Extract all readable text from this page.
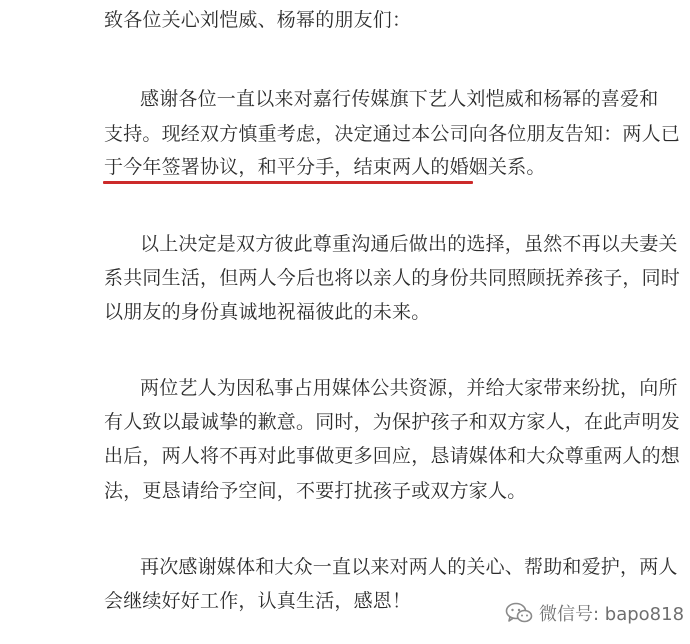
致各位关心刘恺威、杨幂的朋友们：
感谢各位一直以来对嘉行传媒旗下艺人刘恺威和杨幂的喜爱和
支持。现经双方慎重考虑，决定通过本公司向各位朋友告知：两人已
于今年签署协议，和平分手，结束两人的婚姻关系。
以上决定是双方彼此尊重沟通后做出的选择，虽然不再以夫妻关
系共同生活，但两人今后也将以亲人的身份共同照顾抚养孩子，同时
以朋友的身份真诚地祝福彼此的未来。
两位艺人为因私事占用媒体公共资源，并给大家带来纷扰，向所
有人致以最诚挚的歉意。同时，为保护孩子和双方家人，在此声明发
出后，两人将不再对此事做更多回应，恳请媒体和大众尊重两人的想
法，更恳请给予空间，不要打扰孩子或双方家人。
再次感谢媒体和大众一直以来对两人的关心、帮助和爱护，两人
会继续好好工作，认真生活，感恩！
微信号: bapo818
